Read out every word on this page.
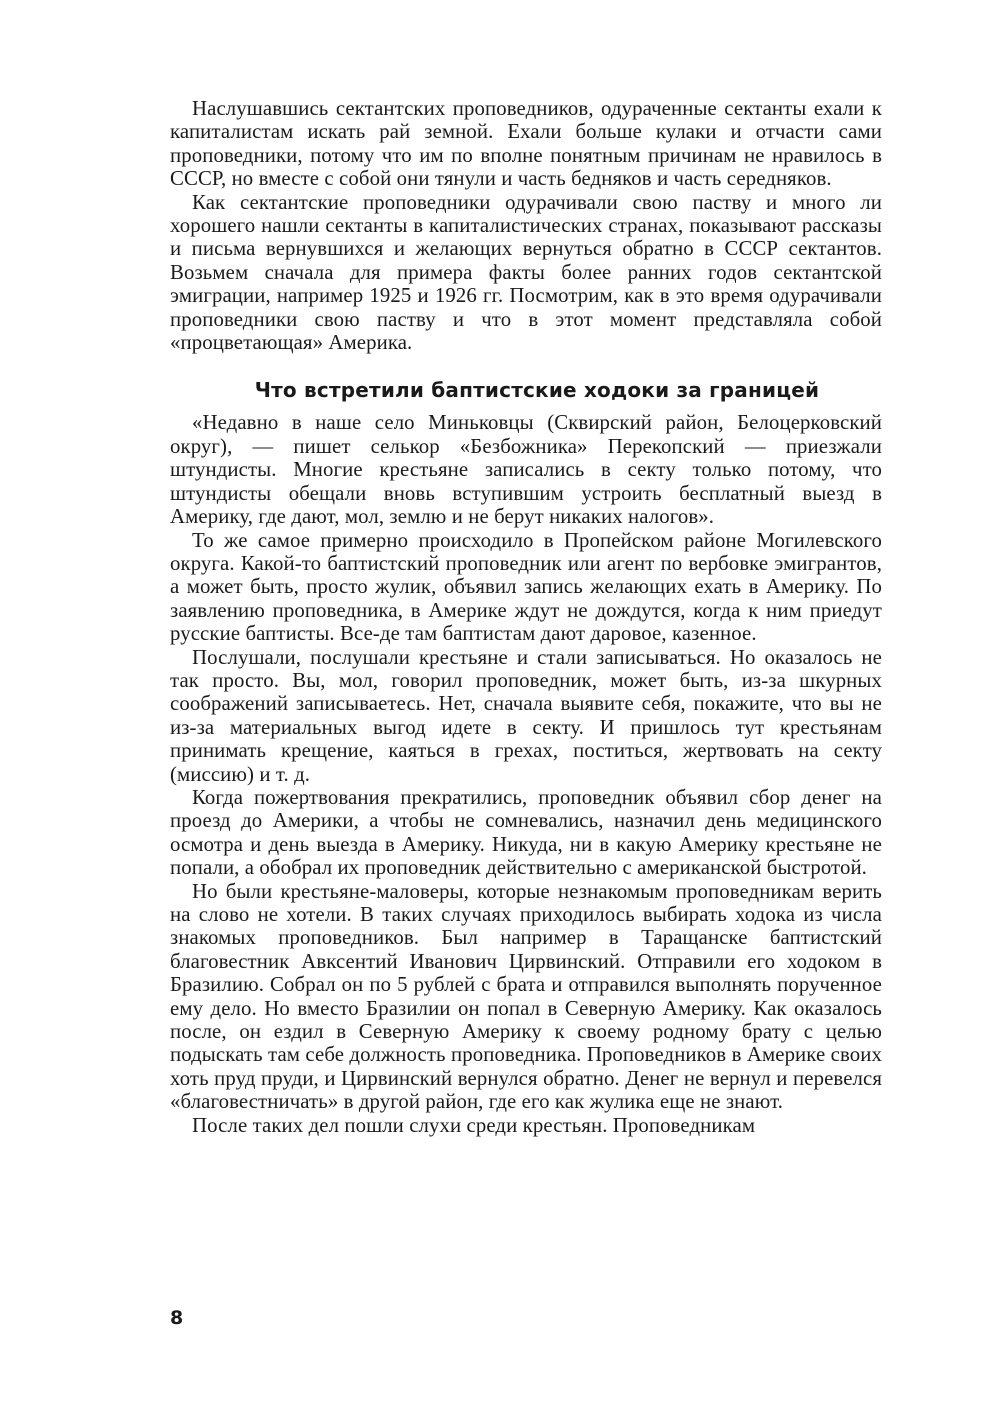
Наслушавшись сектантских проповедников, одураченные сектанты ехали к капиталистам искать рай земной. Ехали больше кулаки и отчасти сами проповедники, потому что им по вполне понятным причинам не нравилось в СССР, но вместе с собой они тянули и часть бедняков и часть середняков.

Как сектантские проповедники одурачивали свою паству и много ли хорошего нашли сектанты в капиталистических странах, показывают рассказы и письма вернувшихся и желающих вернуться обратно в СССР сектантов. Возьмем сначала для примера факты более ранних годов сектантской эмиграции, например 1925 и 1926 гг. Посмотрим, как в это время одурачивали проповедники свою паству и что в этот момент представляла собой «процветающая» Америка.

Что встретили баптистские ходоки за границей

«Недавно в наше село Миньковцы (Сквирский район, Белоцерковский округ), — пишет селькор «Безбожника» Перекопский — приезжали штундисты. Многие крестьяне записались в секту только потому, что штундисты обещали вновь вступившим устроить бесплатный выезд в Америку, где дают, мол, землю и не берут никаких налогов».

То же самое примерно происходило в Пропейском районе Могилевского округа. Какой-то баптистский проповедник или агент по вербовке эмигрантов, а может быть, просто жулик, объявил запись желающих ехать в Америку. По заявлению проповедника, в Америке ждут не дождутся, когда к ним приедут русские баптисты. Все-де там баптистам дают даровое, казенное.

Послушали, послушали крестьяне и стали записываться. Но оказалось не так просто. Вы, мол, говорил проповедник, может быть, из-за шкурных соображений записываетесь. Нет, сначала выявите себя, покажите, что вы не из-за материальных выгод идете в секту. И пришлось тут крестьянам принимать крещение, каяться в грехах, поститься, жертвовать на секту (миссию) и т. д.

Когда пожертвования прекратились, проповедник объявил сбор денег на проезд до Америки, а чтобы не сомневались, назначил день медицинского осмотра и день выезда в Америку. Никуда, ни в какую Америку крестьяне не попали, а обобрал их проповедник действительно с американской быстротой.

Но были крестьяне-маловеры, которые незнакомым проповедникам верить на слово не хотели. В таких случаях приходилось выбирать ходока из числа знакомых проповедников. Был например в Таращанске баптистский благовестник Авксентий Иванович Цирвинский. Отправили его ходоком в Бразилию. Собрал он по 5 рублей с брата и отправился выполнять порученное ему дело. Но вместо Бразилии он попал в Северную Америку. Как оказалось после, он ездил в Северную Америку к своему родному брату с целью подыскать там себе должность проповедника. Проповедников в Америке своих хоть пруд пруди, и Цирвинский вернулся обратно. Денег не вернул и перевелся «благовестничать» в другой район, где его как жулика еще не знают.

После таких дел пошли слухи среди крестьян. Проповедникам

8
